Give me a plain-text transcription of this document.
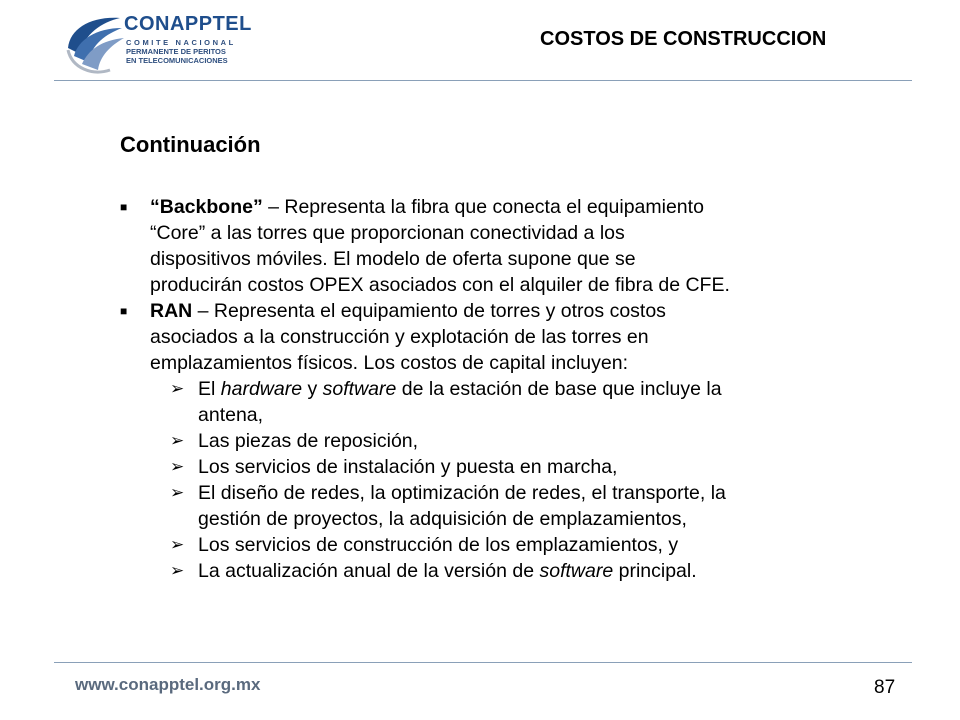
CONAPPTEL
COMITE NACIONAL
PERMANENTE DE PERITOS
EN TELECOMUNICACIONES
COSTOS DE CONSTRUCCION
Continuación
■ “Backbone” – Representa la fibra que conecta el equipamiento
“Core” a las torres que proporcionan conectividad a los
dispositivos móviles. El modelo de oferta supone que se
producirán costos OPEX asociados con el alquiler de fibra de CFE.
■ RAN – Representa el equipamiento de torres y otros costos
asociados a la construcción y explotación de las torres en
emplazamientos físicos. Los costos de capital incluyen:
➢ El hardware y software de la estación de base que incluye la
antena,
➢ Las piezas de reposición,
➢ Los servicios de instalación y puesta en marcha,
➢ El diseño de redes, la optimización de redes, el transporte, la
gestión de proyectos, la adquisición de emplazamientos,
➢ Los servicios de construcción de los emplazamientos, y
➢ La actualización anual de la versión de software principal.
www.conapptel.org.mx	87
